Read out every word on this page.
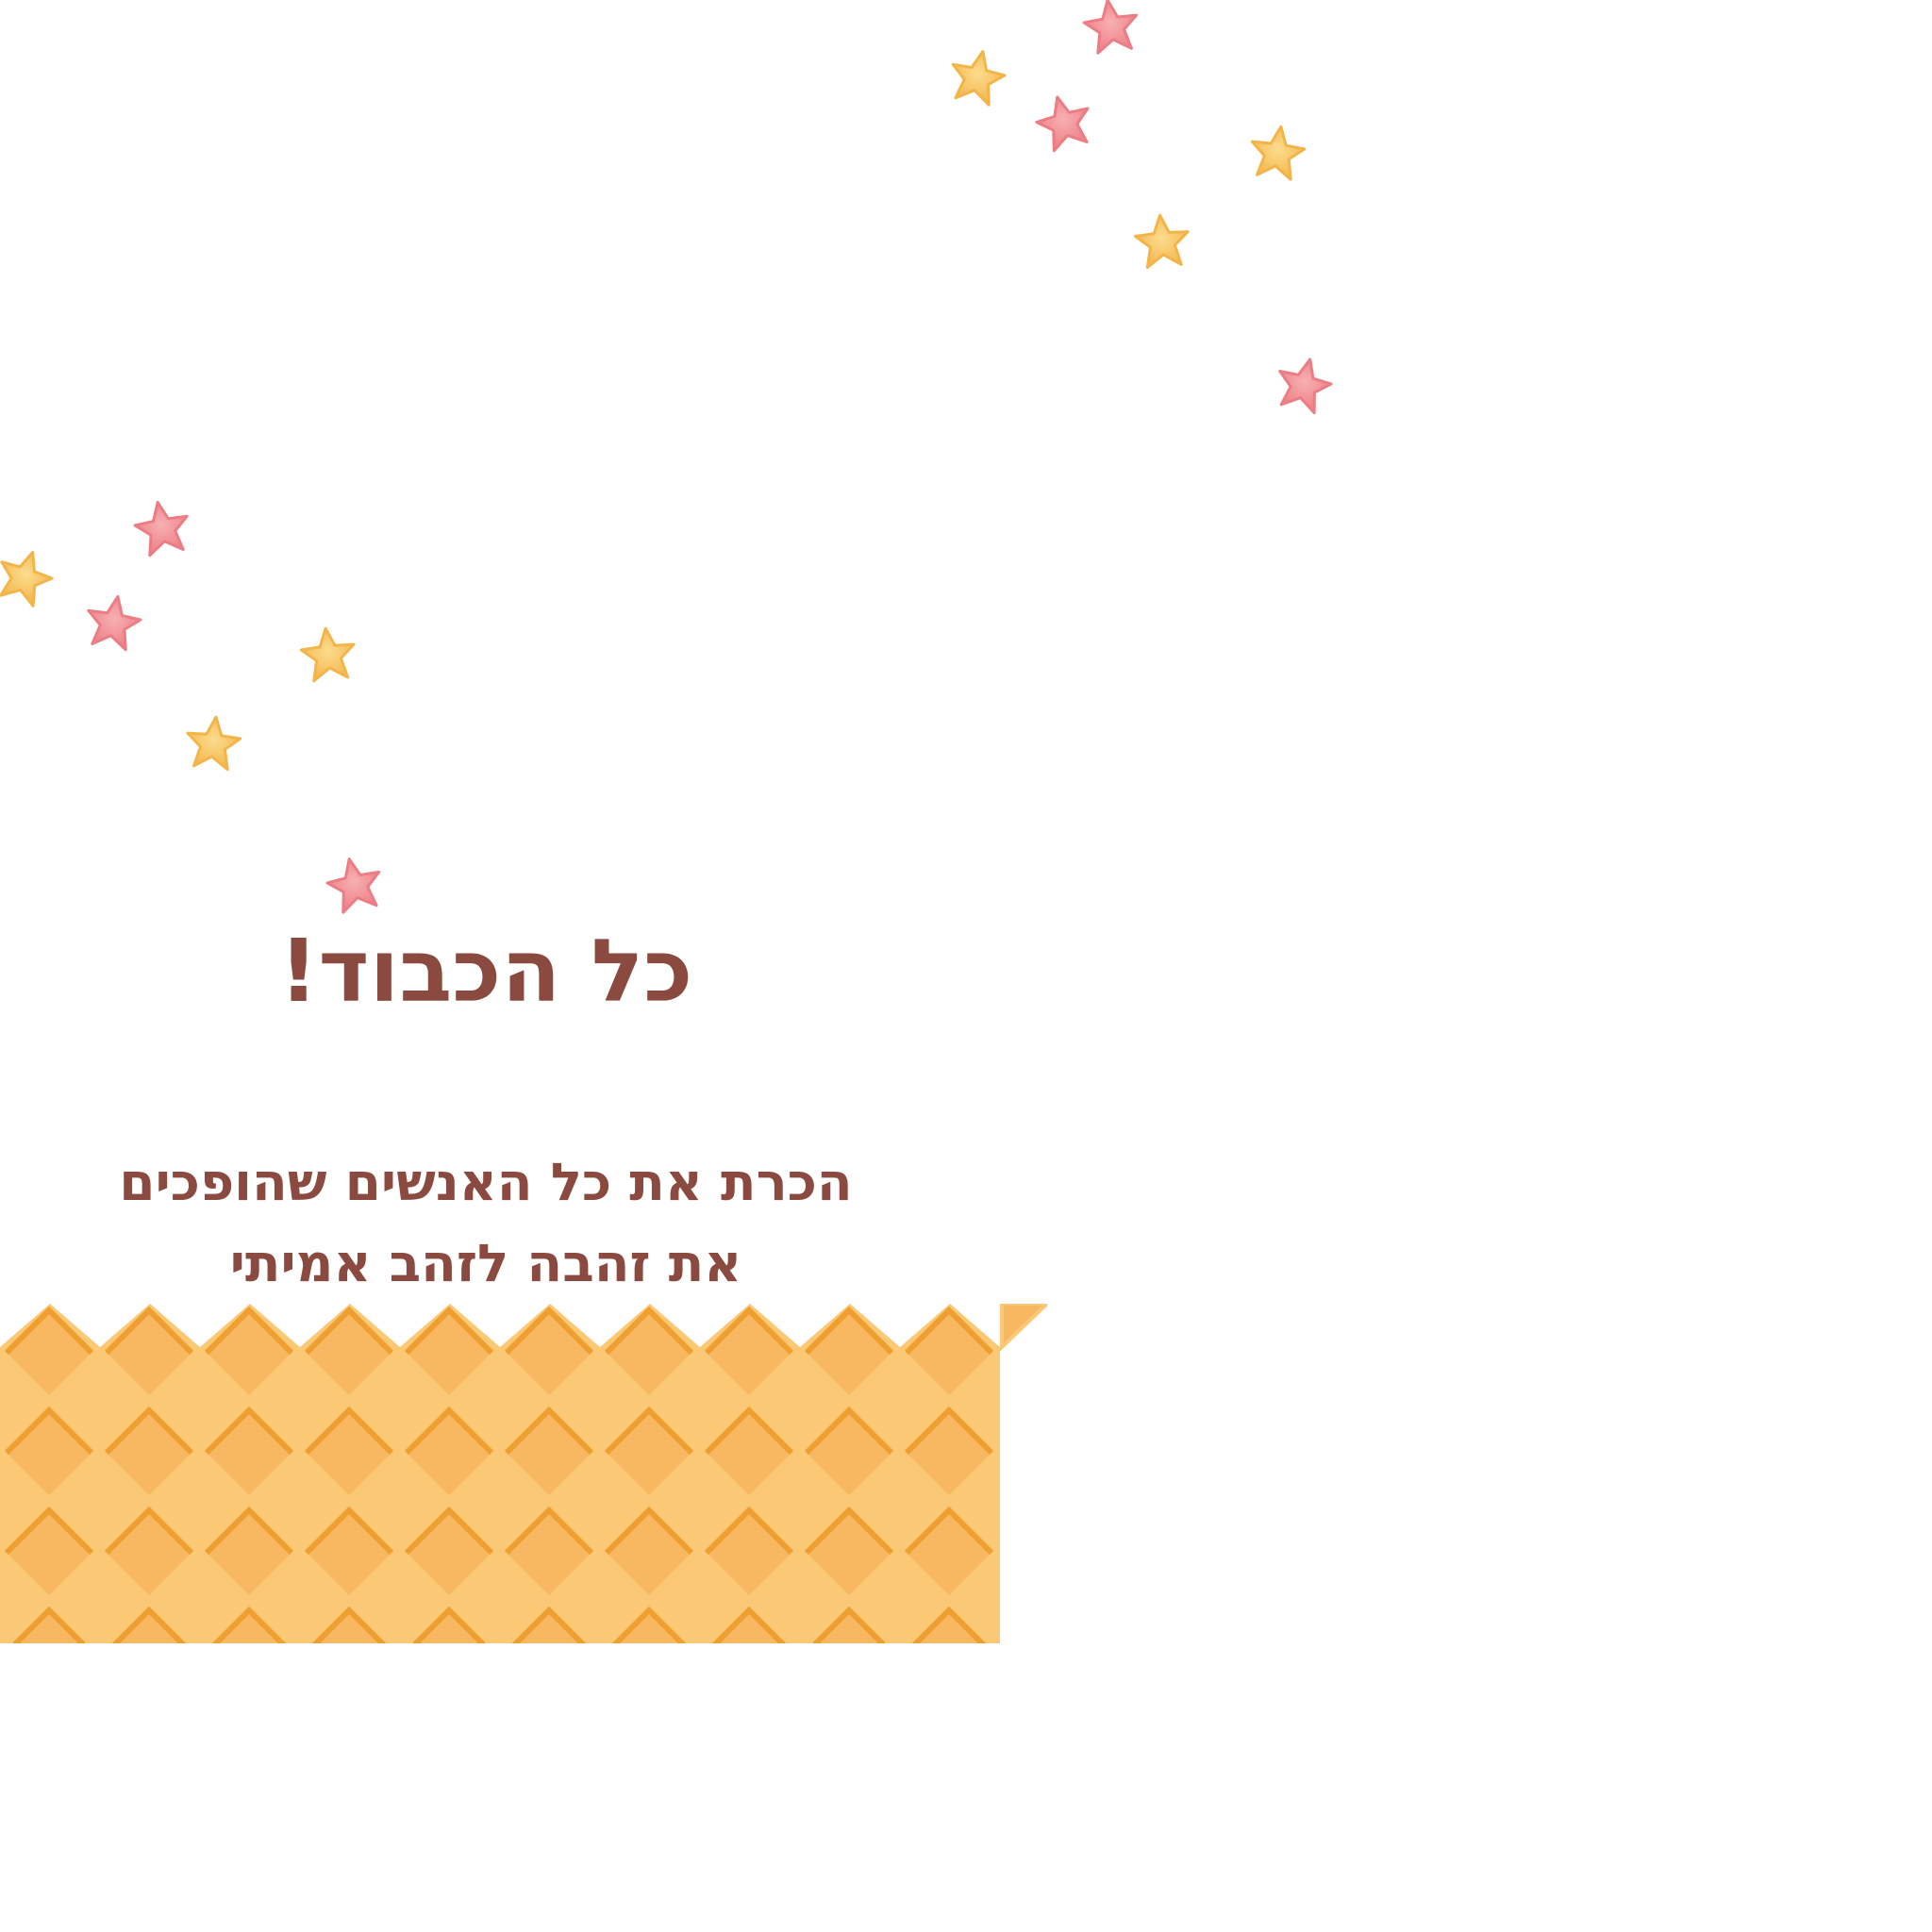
כל הכבוד!

הכרת את כל האנשים שהופכים
את זהבה לזהב אמיתי
